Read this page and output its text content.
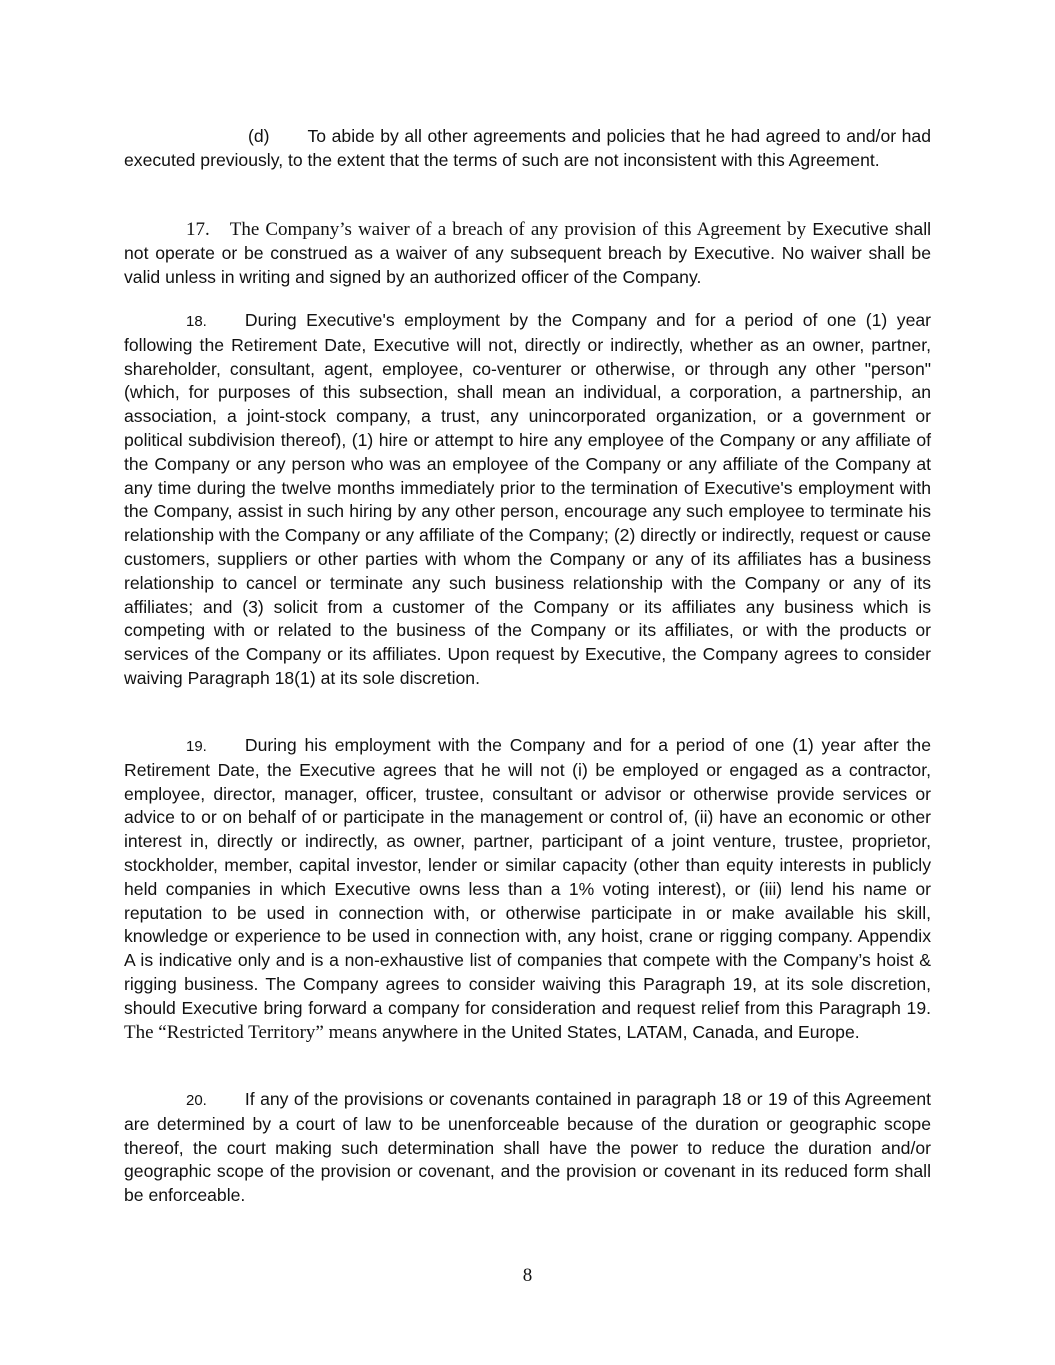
(d) To abide by all other agreements and policies that he had agreed to and/or had executed previously, to the extent that the terms of such are not inconsistent with this Agreement.

17. The Company’s waiver of a breach of any provision of this Agreement by Executive shall not operate or be construed as a waiver of any subsequent breach by Executive. No waiver shall be valid unless in writing and signed by an authorized officer of the Company.

18. During Executive's employment by the Company and for a period of one (1) year following the Retirement Date, Executive will not, directly or indirectly, whether as an owner, partner, shareholder, consultant, agent, employee, co-venturer or otherwise, or through any other "person" (which, for purposes of this subsection, shall mean an individual, a corporation, a partnership, an association, a joint-stock company, a trust, any unincorporated organization, or a government or political subdivision thereof), (1) hire or attempt to hire any employee of the Company or any affiliate of the Company or any person who was an employee of the Company or any affiliate of the Company at any time during the twelve months immediately prior to the termination of Executive's employment with the Company, assist in such hiring by any other person, encourage any such employee to terminate his relationship with the Company or any affiliate of the Company; (2) directly or indirectly, request or cause customers, suppliers or other parties with whom the Company or any of its affiliates has a business relationship to cancel or terminate any such business relationship with the Company or any of its affiliates; and (3) solicit from a customer of the Company or its affiliates any business which is competing with or related to the business of the Company or its affiliates, or with the products or services of the Company or its affiliates. Upon request by Executive, the Company agrees to consider waiving Paragraph 18(1) at its sole discretion.

19. During his employment with the Company and for a period of one (1) year after the Retirement Date, the Executive agrees that he will not (i) be employed or engaged as a contractor, employee, director, manager, officer, trustee, consultant or advisor or otherwise provide services or advice to or on behalf of or participate in the management or control of, (ii) have an economic or other interest in, directly or indirectly, as owner, partner, participant of a joint venture, trustee, proprietor, stockholder, member, capital investor, lender or similar capacity (other than equity interests in publicly held companies in which Executive owns less than a 1% voting interest), or (iii) lend his name or reputation to be used in connection with, or otherwise participate in or make available his skill, knowledge or experience to be used in connection with, any hoist, crane or rigging company. Appendix A is indicative only and is a non-exhaustive list of companies that compete with the Company’s hoist & rigging business. The Company agrees to consider waiving this Paragraph 19, at its sole discretion, should Executive bring forward a company for consideration and request relief from this Paragraph 19. The “Restricted Territory” means anywhere in the United States, LATAM, Canada, and Europe.

20. If any of the provisions or covenants contained in paragraph 18 or 19 of this Agreement are determined by a court of law to be unenforceable because of the duration or geographic scope thereof, the court making such determination shall have the power to reduce the duration and/or geographic scope of the provision or covenant, and the provision or covenant in its reduced form shall be enforceable.

8
